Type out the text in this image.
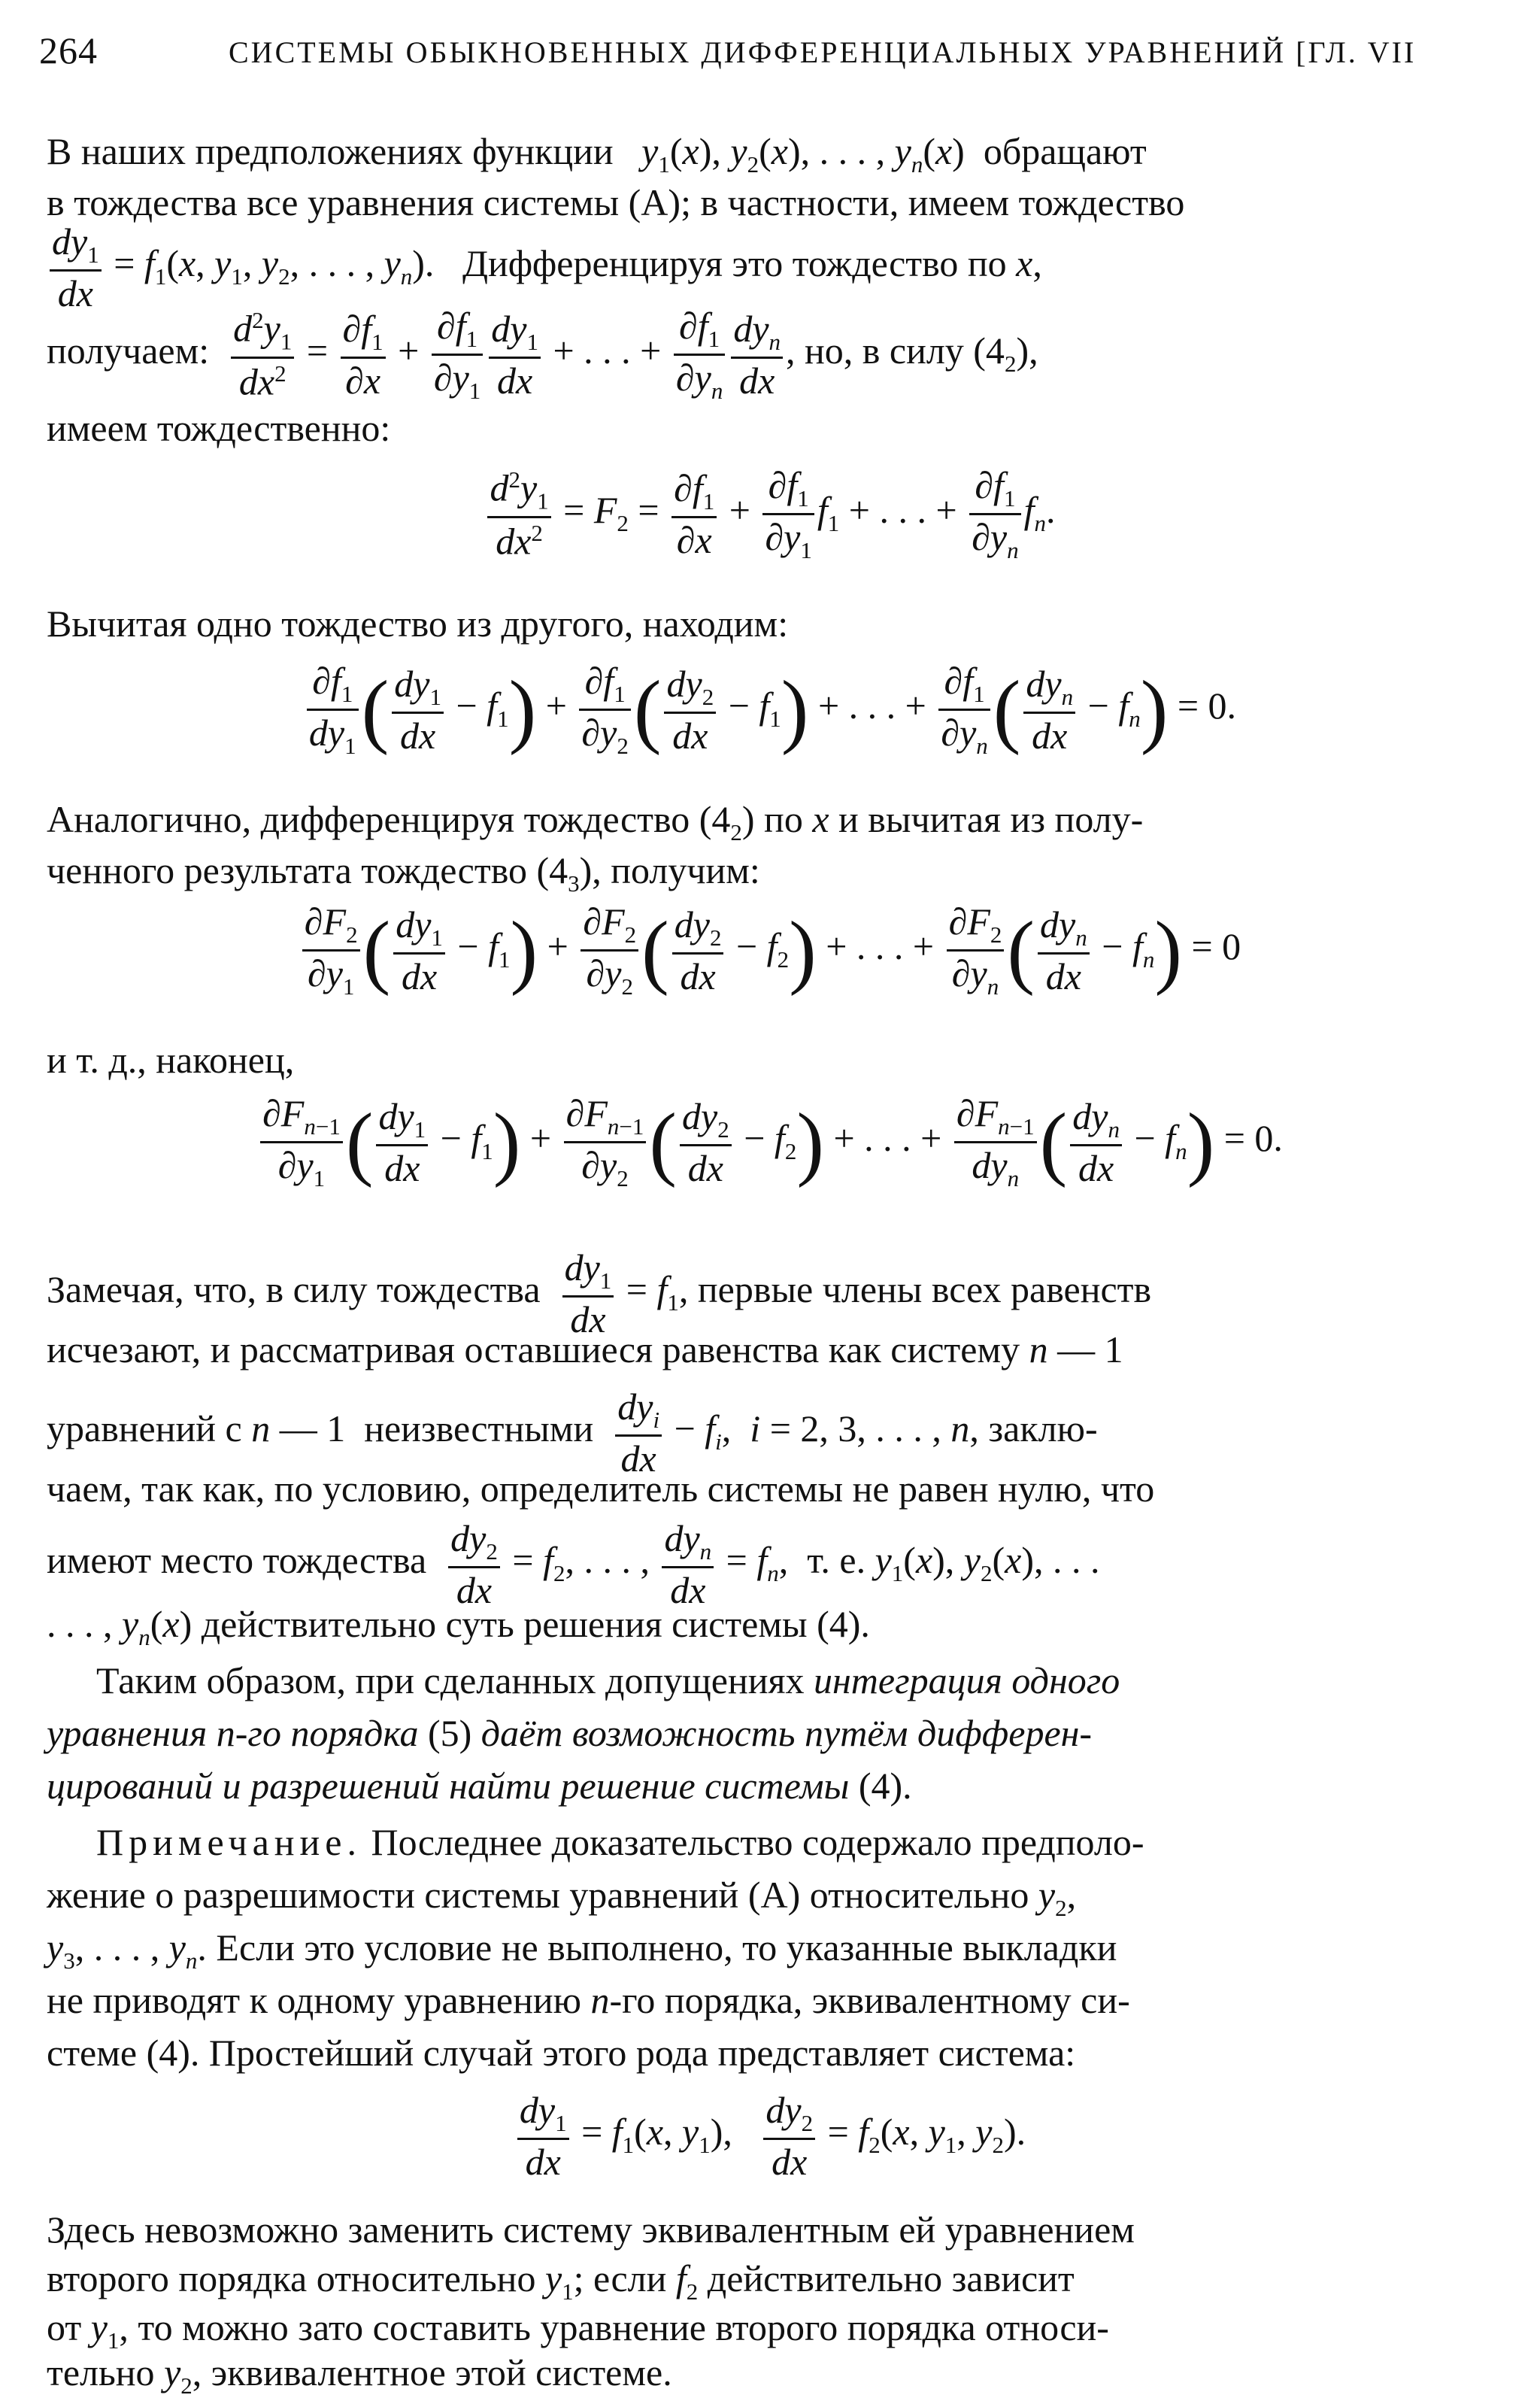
264	СИСТЕМЫ ОБЫКНОВЕННЫХ ДИФФЕРЕНЦИАЛЬНЫХ УРАВНЕНИЙ [ГЛ. VII
В наших предположениях функции $y_1(x)$, $y_2(x)$, . . . , $y_n(x)$  обращают
в тождества все уравнения системы (А); в частности, имеем тождество
$\frac{dy_1}{dx} = f_1(x$, $y_1$, $y_2$, . . . , $y_n$).   Дифференцируя это тождество по x,
получаем: $\frac{d^2y_1}{dx^2} = \frac{\partial f_1}{\partial x} + \frac{\partial f_1}{\partial y_1} \frac{dy_1}{dx}$ + . . . + $\frac{\partial f_1}{\partial y_n} dy_n$
dx
, но, в силу $(4_2)$,
имеем тождественно:
$\frac{d^2y_1}{dx^2} = F_2 = \frac{\partial f_1}{\partial x} + \frac{\partial f_1}{\partial y_1} f_1$ + . . . + $\frac{\partial f_1}{\partial y_n} f_n$.
Вычитая одно тождество из другого, находим:
$\frac{\partial f_1}{dy_1}$ ( $\frac{dy_1}{dx} - f_1) + \frac{\partial f_1}{\partial y_2}$ ( $\frac{dy_2}{dx} - f_1$) + . . . + $\frac{\partial f_1}{\partial y_n}$ ( $dy_n$
dx
− $f_n) = 0$.
Аналогично, дифференцируя тождество $(4_2)$ по x и вычитая из полу-
ченного результата тождество $(4_3)$, получим:
$\frac{\partial F_2}{\partial y_1}$ ( $\frac{dy_1}{dx} - f_1) + \frac{\partial F_2}{\partial y_2}$ ( $\frac{dy_2}{dx} - f_2$) + . . . + $\frac{\partial F_2}{\partial y_n}$ ( $dy_n$
dx
− $f_n) = 0$
и т. д., наконец,
$\frac{\partial F_{n-1}}{\partial y_1}$ ( $\frac{dy_1}{dx} - f_1) + \frac{\partial F_{n-1}}{\partial y_2}$ ( $\frac{dy_2}{dx} - f_2$) + . . . +
$\partial F_{n-1}$
$dy_n$ ( $dy_n$
dx
− $f_n) = 0$.
Замечая, что, в силу тождества $\frac{dy_1}{dx} = f_1$, первые члены всех равенств
исчезают, и рассматривая оставшиеся равенства как систему n — 1
уравнений с n — 1  неизвестными
$dy_i$
dx
− $f_i$,  i = 2, 3, . . . , n, заклю-
чаем, так как, по условию, определитель системы не равен нулю, что
имеют место тождества $\frac{dy_2}{dx} = f_2$, . . . ,
$dy_n$
dx
= $f_n$,  т. е. $y_1(x)$, $y_2(x)$, . . .
. . . , $y_n(x)$ действительно суть решения системы (4).
Таким образом, при сделанных допущениях интеграция одного
уравнения n-го порядка (5) даёт возможность путём дифферен-
цирований и разрешений найти решение системы (4).
Примечание. Последнее доказательство содержало предполо-
жение о разрешимости системы уравнений (А) относительно $y_2$,
$y_3$, . . . , $y_n$. Если это условие не выполнено, то указанные выкладки
не приводят к одному уравнению n-го порядка, эквивалентному си-
стеме (4). Простейший случай этого рода представляет система:
$\frac{dy_1}{dx} = f_1(x$, $y_1$), $\frac{dy_2}{dx} = f_2(x$, $y_1$, $y_2$).
Здесь невозможно заменить систему эквивалентным ей уравнением
второго порядка относительно $y_1$; если $f_2$ действительно зависит
от $y_1$, то можно зато составить уравнение второго порядка относи-
тельно $y_2$, эквивалентное этой системе.
